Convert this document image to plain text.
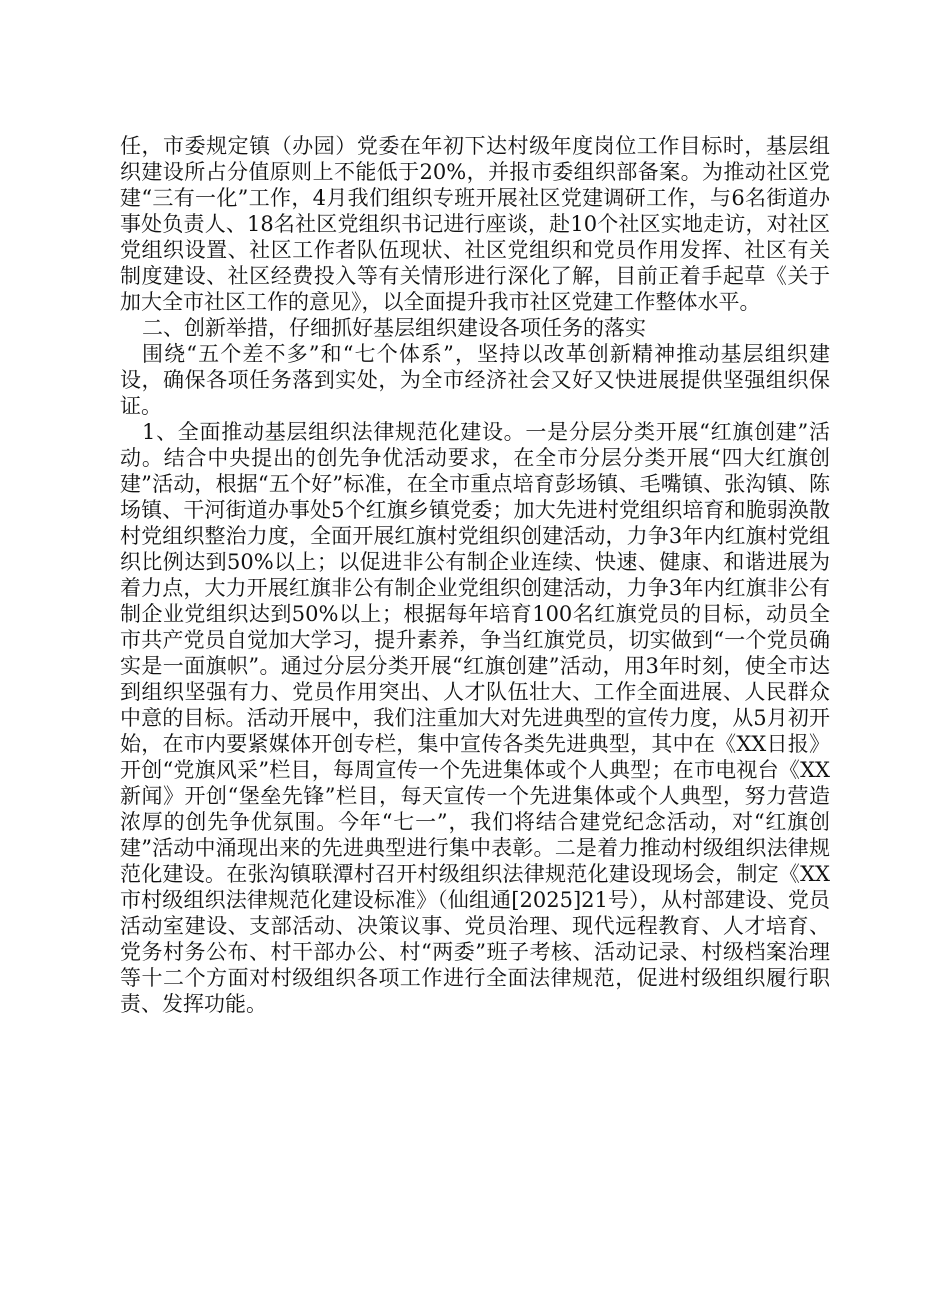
任，市委规定镇（办园）党委在年初下达村级年度岗位工作目标时，基层组织建设所占分值原则上不能低于20%，并报市委组织部备案。为推动社区党建“三有一化”工作，4月我们组织专班开展社区党建调研工作，与6名街道办事处负责人、18名社区党组织书记进行座谈，赴10个社区实地走访，对社区党组织设置、社区工作者队伍现状、社区党组织和党员作用发挥、社区有关制度建设、社区经费投入等有关情形进行深化了解，目前正着手起草《关于加大全市社区工作的意见》，以全面提升我市社区党建工作整体水平。

二、创新举措，仔细抓好基层组织建设各项任务的落实

围绕“五个差不多”和“七个体系”，坚持以改革创新精神推动基层组织建设，确保各项任务落到实处，为全市经济社会又好又快进展提供坚强组织保证。

1、全面推动基层组织法律规范化建设。一是分层分类开展“红旗创建”活动。结合中央提出的创先争优活动要求，在全市分层分类开展“四大红旗创建”活动，根据“五个好”标准，在全市重点培育彭场镇、毛嘴镇、张沟镇、陈场镇、干河街道办事处5个红旗乡镇党委；加大先进村党组织培育和脆弱涣散村党组织整治力度，全面开展红旗村党组织创建活动，力争3年内红旗村党组织比例达到50%以上；以促进非公有制企业连续、快速、健康、和谐进展为着力点，大力开展红旗非公有制企业党组织创建活动，力争3年内红旗非公有制企业党组织达到50%以上；根据每年培育100名红旗党员的目标，动员全市共产党员自觉加大学习，提升素养，争当红旗党员，切实做到“一个党员确实是一面旗帜”。通过分层分类开展“红旗创建”活动，用3年时刻，使全市达到组织坚强有力、党员作用突出、人才队伍壮大、工作全面进展、人民群众中意的目标。活动开展中，我们注重加大对先进典型的宣传力度，从5月初开始，在市内要紧媒体开创专栏，集中宣传各类先进典型，其中在《XX日报》开创“党旗风采”栏目，每周宣传一个先进集体或个人典型；在市电视台《XX新闻》开创“堡垒先锋”栏目，每天宣传一个先进集体或个人典型，努力营造浓厚的创先争优氛围。今年“七一”，我们将结合建党纪念活动，对“红旗创建”活动中涌现出来的先进典型进行集中表彰。二是着力推动村级组织法律规范化建设。在张沟镇联潭村召开村级组织法律规范化建设现场会，制定《XX市村级组织法律规范化建设标准》（仙组通[2025]21号），从村部建设、党员活动室建设、支部活动、决策议事、党员治理、现代远程教育、人才培育、党务村务公布、村干部办公、村“两委”班子考核、活动记录、村级档案治理等十二个方面对村级组织各项工作进行全面法律规范，促进村级组织履行职责、发挥功能。
